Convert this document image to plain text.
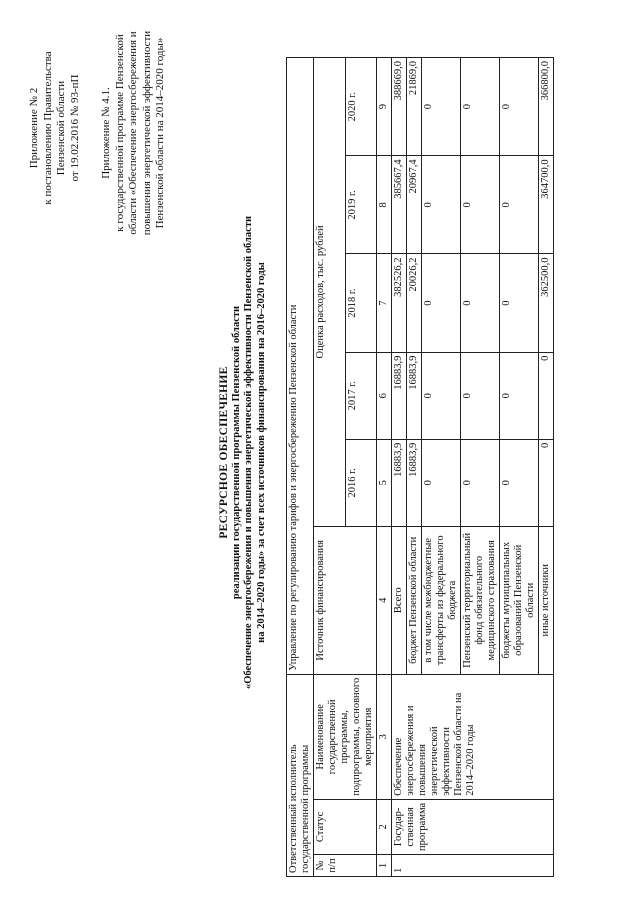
Приложение № 2 к постановлению Правительства Пензенской области от 19.02.2016 № 93-пП Приложение № 4.1. к государственной программе Пензенской области «Обеспечение энергосбережения и повышения энергетической эффективности Пензенской области на 2014–2020 годы»
РЕСУРСНОЕ ОБЕСПЕЧЕНИЕ реализации государственной программы Пензенской области «Обеспечение энергосбережения и повышения энергетической эффективности Пензенской области на 2014–2020 годы» за счет всех источников финансирования на 2016–2020 годы
Ответственный исполнитель государственной программы			Управление по регулированию тарифов и энергосбережению Пензенской области					
№ п/п	Статус	Наименование государственной программы, подпрограммы, основного мероприятия	Источник финансирования	Оценка расходов, тыс. рублей				
				2016 г.	2017 г.	2018 г.	2019 г.	2020 г.
1	2	3	4	5	6	7	8	9
1	Государ-ственная программа	Обеспечение энергосбережения и повышения энергетической эффективности Пензенской области на 2014–2020 годы	Всего	16883,9	16883,9	382526,2	385667,4	388669,0
			бюджет Пензенской области	16883,9	16883,9	20026,2	20967,4	21869,0
			в том числе межбюджетные трансферты из федерального бюджета	0	0	0	0	0
			Пензенский территориальный фонд обязательного медицинского страхования	0	0	0	0	0
			бюджеты муниципальных образований Пензенской области	0	0	0	0	0
			иные источники	0	0	362500,0	364700,0	366800,0
